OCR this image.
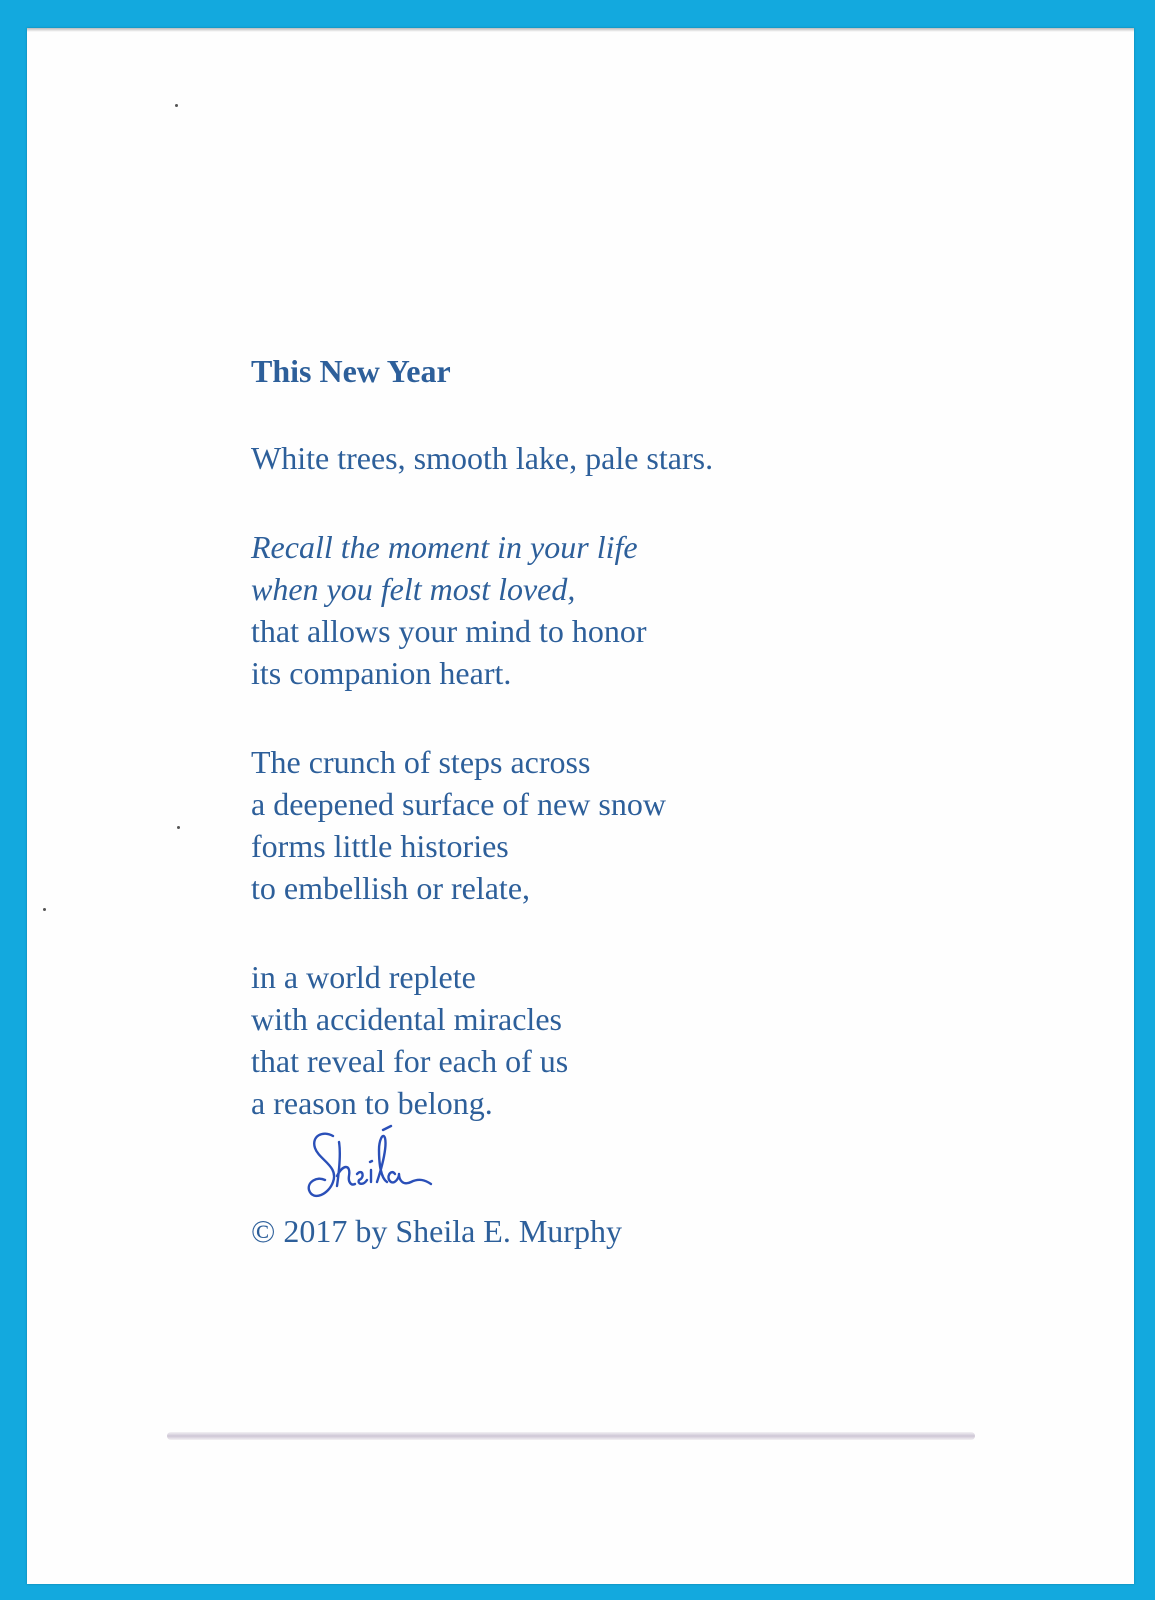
This New Year
White trees, smooth lake, pale stars.
Recall the moment in your life
when you felt most loved,
that allows your mind to honor
its companion heart.
The crunch of steps across
a deepened surface of new snow
forms little histories
to embellish or relate,
in a world replete
with accidental miracles
that reveal for each of us
a reason to belong.
© 2017 by Sheila E. Murphy
